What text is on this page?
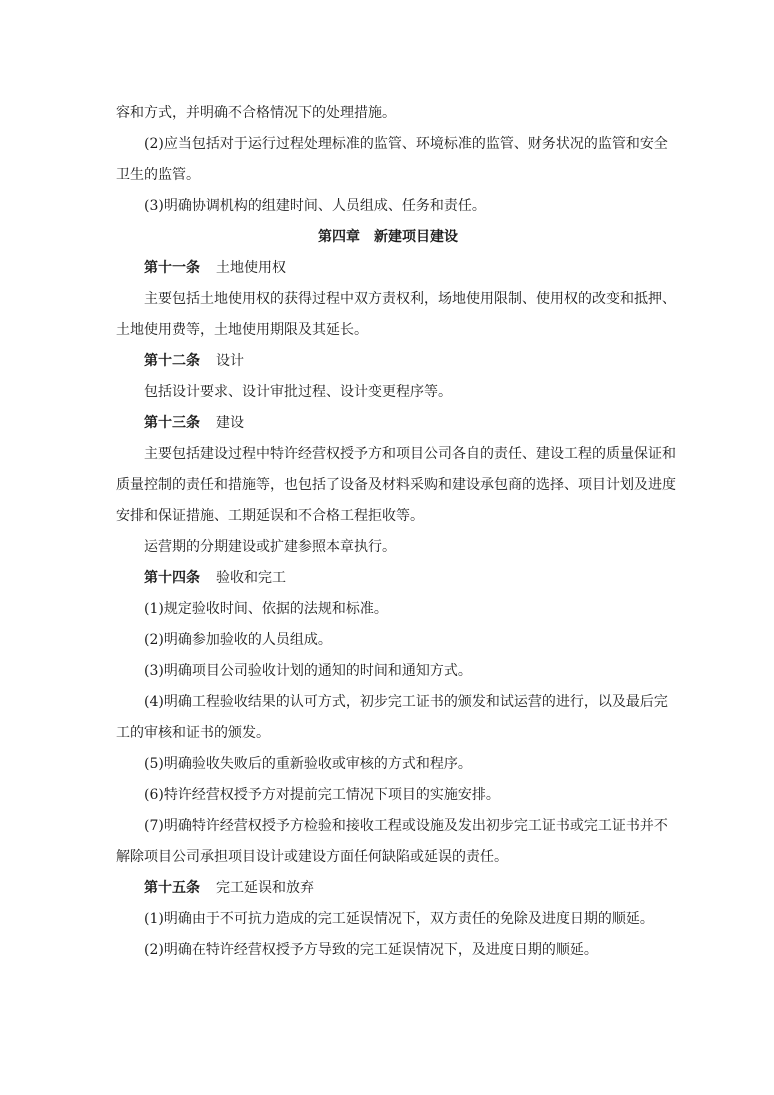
容和方式，并明确不合格情况下的处理措施。

(2)应当包括对于运行过程处理标准的监管、环境标准的监管、财务状况的监管和安全

卫生的监管。

(3)明确协调机构的组建时间、人员组成、任务和责任。

第四章　新建项目建设

第十一条 土地使用权

主要包括土地使用权的获得过程中双方责权利，场地使用限制、使用权的改变和抵押、

土地使用费等，土地使用期限及其延长。

第十二条 设计

包括设计要求、设计审批过程、设计变更程序等。

第十三条 建设

主要包括建设过程中特许经营权授予方和项目公司各自的责任、建设工程的质量保证和

质量控制的责任和措施等，也包括了设备及材料采购和建设承包商的选择、项目计划及进度

安排和保证措施、工期延误和不合格工程拒收等。

运营期的分期建设或扩建参照本章执行。

第十四条 验收和完工

(1)规定验收时间、依据的法规和标准。

(2)明确参加验收的人员组成。

(3)明确项目公司验收计划的通知的时间和通知方式。

(4)明确工程验收结果的认可方式，初步完工证书的颁发和试运营的进行，以及最后完

工的审核和证书的颁发。

(5)明确验收失败后的重新验收或审核的方式和程序。

(6)特许经营权授予方对提前完工情况下项目的实施安排。

(7)明确特许经营权授予方检验和接收工程或设施及发出初步完工证书或完工证书并不

解除项目公司承担项目设计或建设方面任何缺陷或延误的责任。

第十五条 完工延误和放弃

(1)明确由于不可抗力造成的完工延误情况下，双方责任的免除及进度日期的顺延。

(2)明确在特许经营权授予方导致的完工延误情况下，及进度日期的顺延。
